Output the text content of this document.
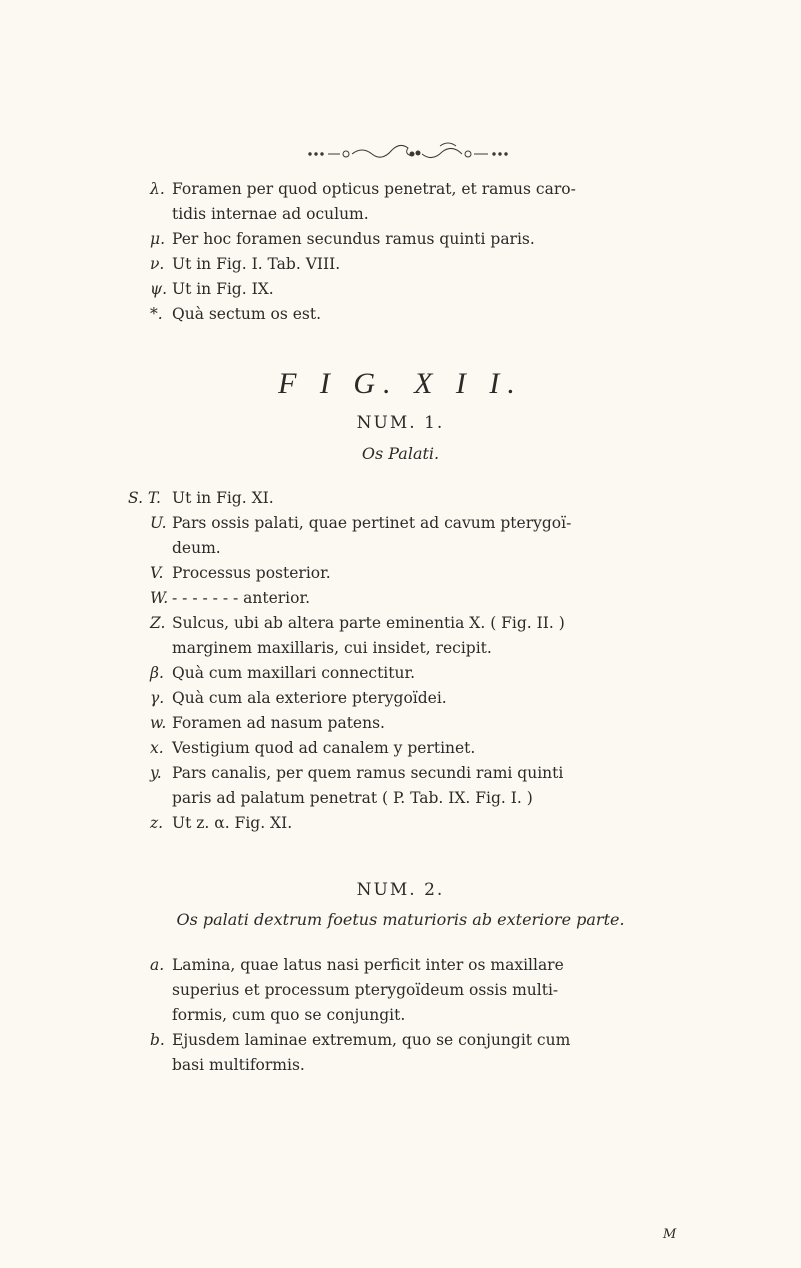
λ. Foramen per quod opticus penetrat, et ramus caro-
tidis internae ad oculum.
μ. Per hoc foramen secundus ramus quinti paris.
ν. Ut in Fig. I. Tab. VIII.
ψ. Ut in Fig. IX.
*. Quà sectum os est.
F I G. X I I.
NUM. 1.
Os Palati.
S. T. Ut in Fig. XI.
U. Pars ossis palati, quae pertinet ad cavum pterygoï-
deum.
V. Processus posterior.
W. - - - - - - - anterior.
Z. Sulcus, ubi ab altera parte eminentia X. ( Fig. II. )
marginem maxillaris, cui insidet, recipit.
β. Quà cum maxillari connectitur.
γ. Quà cum ala exteriore pterygoïdei.
w. Foramen ad nasum patens.
x. Vestigium quod ad canalem y pertinet.
y. Pars canalis, per quem ramus secundi rami quinti
paris ad palatum penetrat ( P. Tab. IX. Fig. I. )
z. Ut z. α. Fig. XI.
NUM. 2.
Os palati dextrum foetus maturioris ab exteriore parte.
a. Lamina, quae latus nasi perficit inter os maxillare
superius et processum pterygoïdeum ossis multi-
formis, cum quo se conjungit.
b. Ejusdem laminae extremum, quo se conjungit cum
basi multiformis.
M
